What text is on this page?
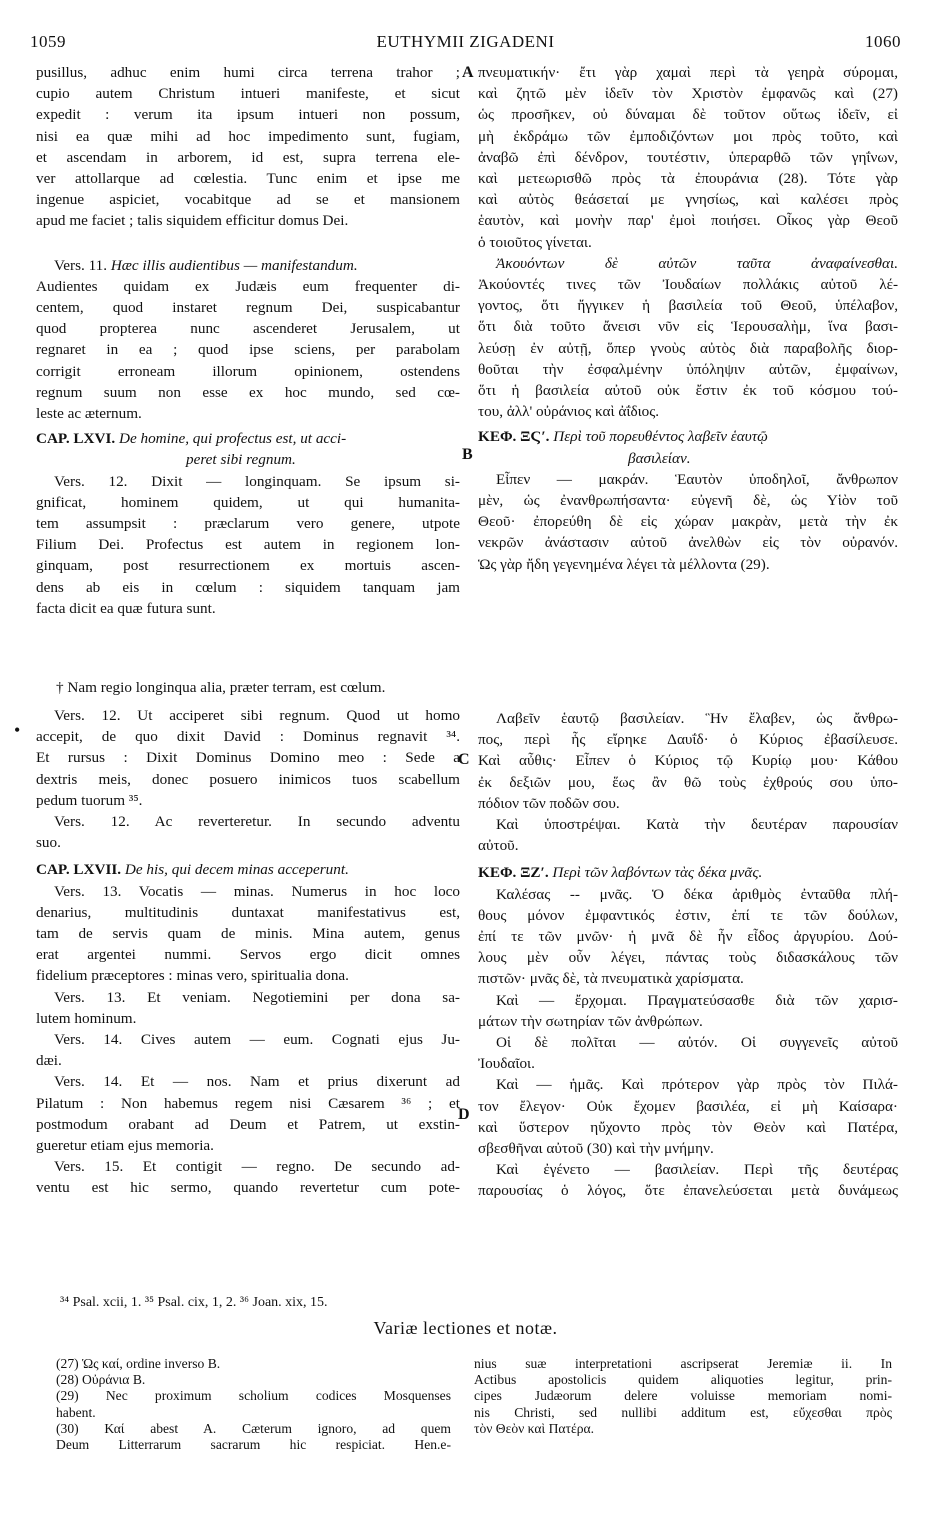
1059	EUTHYMII ZIGADENI	1060
A
B
C
D
•

pusillus, adhuc enim humi circa terrena trahor ;

cupio autem Christum intueri manifeste, et sicut

expedit : verum ita ipsum intueri non possum,

nisi ea quæ mihi ad hoc impedimento sunt, fugiam,

et ascendam in arborem, id est, supra terrena ele-

ver attollarque ad cœlestia. Tunc enim et ipse me

ingenue aspiciet, vocabitque ad se et mansionem

apud me faciet ; talis siquidem efficitur domus Dei.

Vers. 11. Hæc illis audientibus — manifestandum.

Audientes quidam ex Judæis eum frequenter di-

centem, quod instaret regnum Dei, suspicabantur

quod propterea nunc ascenderet Jerusalem, ut

regnaret in ea ; quod ipse sciens, per parabolam

corrigit erroneam illorum opinionem, ostendens

regnum suum non esse ex hoc mundo, sed cœ-

leste ac æternum.

CAP. LXVI. De homine, qui profectus est, ut acci-

peret sibi regnum.

Vers. 12. Dixit — longinquam. Se ipsum si-

gnificat, hominem quidem, ut qui humanita-

tem assumpsit : præclarum vero genere, utpote

Filium Dei. Profectus est autem in regionem lon-

ginquam, post resurrectionem ex mortuis ascen-

dens ab eis in cœlum : siquidem tanquam jam

facta dicit ea quæ futura sunt.

† Nam regio longinqua alia, præter terram, est cœlum.

Vers. 12. Ut acciperet sibi regnum. Quod ut homo

accepit, de quo dixit David : Dominus regnavit ³⁴.

Et rursus : Dixit Dominus Domino meo : Sede a

dextris meis, donec posuero inimicos tuos scabellum

pedum tuorum ³⁵.

Vers. 12. Ac reverteretur. In secundo adventu

suo.

CAP. LXVII. De his, qui decem minas acceperunt.

Vers. 13. Vocatis — minas. Numerus in hoc loco

denarius, multitudinis duntaxat manifestativus est,

tam de servis quam de minis. Mina autem, genus

erat argentei nummi. Servos ergo dicit omnes

fidelium præceptores : minas vero, spiritualia dona.

Vers. 13. Et veniam. Negotiemini per dona sa-

lutem hominum.

Vers. 14. Cives autem — eum. Cognati ejus Ju-

dæi.

Vers. 14. Et — nos. Nam et prius dixerunt ad

Pilatum : Non habemus regem nisi Cæsarem ³⁶ ; et

postmodum orabant ad Deum et Patrem, ut exstin-

gueretur etiam ejus memoria.

Vers. 15. Et contigit — regno. De secundo ad-

ventu est hic sermo, quando revertetur cum pote-

πνευματικήν· ἔτι γὰρ χαμαὶ περὶ τὰ γεηρὰ σύρομαι,

καὶ ζητῶ μὲν ἰδεῖν τὸν Χριστὸν ἐμφανῶς καὶ (27)

ὡς προσῆκεν, οὐ δύναμαι δὲ τοῦτον οὕτως ἰδεῖν, εἰ

μὴ ἐκδράμω τῶν ἐμποδιζόντων μοι πρὸς τοῦτο, καὶ

ἀναβῶ ἐπὶ δένδρον, τουτέστιν, ὑπεραρθῶ τῶν γηΐνων,

καὶ μετεωρισθῶ πρὸς τὰ ἐπουράνια (28). Τότε γὰρ

καὶ αὐτὸς θεάσεταί με γνησίως, καὶ καλέσει πρὸς

ἑαυτὸν, καὶ μονὴν παρ' ἐμοὶ ποιήσει. Οἶκος γὰρ Θεοῦ

ὁ τοιοῦτος γίνεται.

Ἀκουόντων δὲ αὐτῶν ταῦτα ἀναφαίνεσθαι.

Ἀκούοντές τινες τῶν Ἰουδαίων πολλάκις αὐτοῦ λέ-

γοντος, ὅτι ἤγγικεν ἡ βασιλεία τοῦ Θεοῦ, ὑπέλαβον,

ὅτι διὰ τοῦτο ἄνεισι νῦν εἰς Ἱερουσαλὴμ, ἵνα βασι-

λεύσῃ ἐν αὐτῇ, ὅπερ γνοὺς αὐτὸς διὰ παραβολῆς διορ-

θοῦται τὴν ἐσφαλμένην ὑπόληψιν αὐτῶν, ἐμφαίνων,

ὅτι ἡ βασιλεία αὐτοῦ οὐκ ἔστιν ἐκ τοῦ κόσμου τού-

του, ἀλλ' οὐράνιος καὶ ἀΐδιος.

ΚΕΦ. ΞϚʹ. Περὶ τοῦ πορευθέντος λαβεῖν ἑαυτῷ

βασιλείαν.

Εἶπεν — μακράν. Ἑαυτὸν ὑποδηλοῖ, ἄνθρωπον

μὲν, ὡς ἐνανθρωπήσαντα· εὐγενῆ δὲ, ὡς Υἱὸν τοῦ

Θεοῦ· ἐπορεύθη δὲ εἰς χώραν μακρὰν, μετὰ τὴν ἐκ

νεκρῶν ἀνάστασιν αὐτοῦ ἀνελθὼν εἰς τὸν οὐρανόν.

Ὡς γὰρ ἤδη γεγενημένα λέγει τὰ μέλλοντα (29).

Λαβεῖν ἑαυτῷ βασιλείαν. Ἣν ἔλαβεν, ὡς ἄνθρω-

πος, περὶ ἧς εἴρηκε Δαυΐδ· ὁ Κύριος ἐβασίλευσε.

Καὶ αὖθις· Εἶπεν ὁ Κύριος τῷ Κυρίῳ μου· Κάθου

ἐκ δεξιῶν μου, ἕως ἂν θῶ τοὺς ἐχθρούς σου ὑπο-

πόδιον τῶν ποδῶν σου.

Καὶ ὑποστρέψαι. Κατὰ τὴν δευτέραν παρουσίαν

αὐτοῦ.

ΚΕΦ. ΞΖʹ. Περὶ τῶν λαβόντων τὰς δέκα μνᾶς.

Καλέσας -- μνᾶς. Ὁ δέκα ἀριθμὸς ἐνταῦθα πλή-

θους μόνον ἐμφαντικός ἐστιν, ἐπί τε τῶν δούλων,

ἐπί τε τῶν μνῶν· ἡ μνᾶ δὲ ἦν εἶδος ἀργυρίου. Δού-

λους μὲν οὖν λέγει, πάντας τοὺς διδασκάλους τῶν

πιστῶν· μνᾶς δὲ, τὰ πνευματικὰ χαρίσματα.

Καὶ — ἔρχομαι. Πραγματεύσασθε διὰ τῶν χαρισ-

μάτων τὴν σωτηρίαν τῶν ἀνθρώπων.

Οἱ δὲ πολῖται — αὐτόν. Οἱ συγγενεῖς αὐτοῦ

Ἰουδαῖοι.

Καὶ — ἡμᾶς. Καὶ πρότερον γὰρ πρὸς τὸν Πιλά-

τον ἔλεγον· Οὐκ ἔχομεν βασιλέα, εἰ μὴ Καίσαρα·

καὶ ὕστερον ηὔχοντο πρὸς τὸν Θεὸν καὶ Πατέρα,

σβεσθῆναι αὐτοῦ (30) καὶ τὴν μνήμην.

Καὶ ἐγένετο — βασιλείαν. Περὶ τῆς δευτέρας

παρουσίας ὁ λόγος, ὅτε ἐπανελεύσεται μετὰ δυνάμεως

³⁴ Psal. xcii, 1. ³⁵ Psal. cix, 1, 2. ³⁶ Joan. xix, 15.
Variæ lectiones et notæ.

(27) Ὡς καί, ordine inverso B.

(28) Οὐράνια B.

(29) Nec proximum scholium codices Mosquenses

habent.

(30) Καί abest A. Cæterum ignoro, ad quem

Deum Litterrarum sacrarum hic respiciat. Hen.e-

nius suæ interpretationi ascripserat Jeremiæ ii. In

Actibus apostolicis quidem aliquoties legitur, prin-

cipes Judæorum delere voluisse memoriam nomi-

nis Christi, sed nullibi additum est, εὔχεσθαι πρὸς

τὸν Θεὸν καὶ Πατέρα.
